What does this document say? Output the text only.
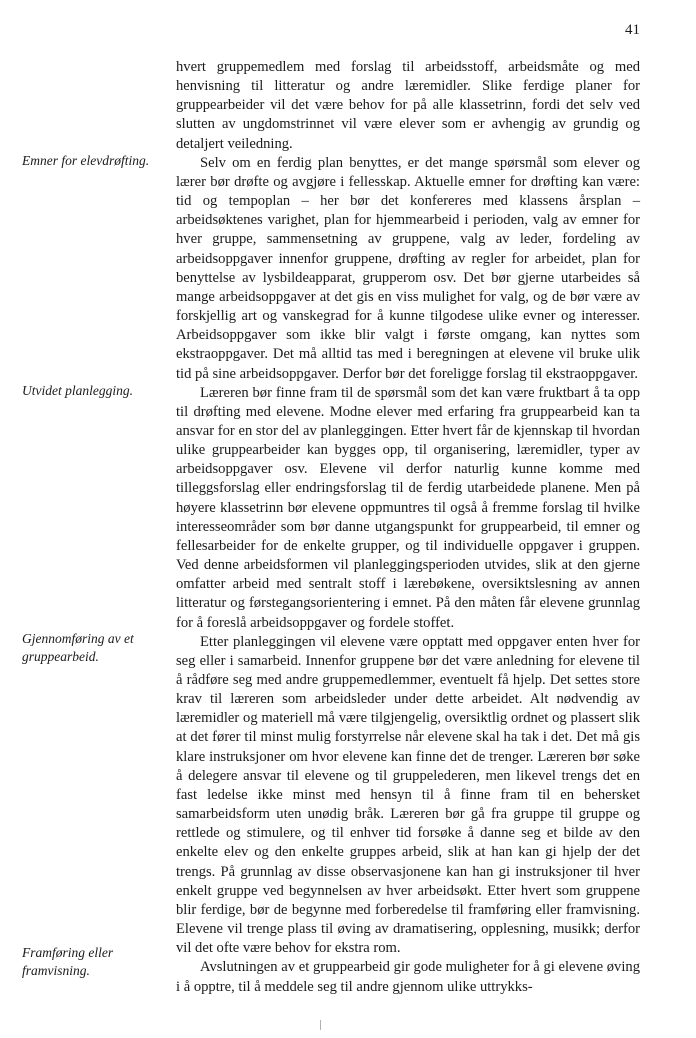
41
Emner for elevdrøfting.
Utvidet planlegging.
Gjennomføring av et gruppearbeid.
Framføring eller framvisning.

hvert gruppemedlem med forslag til arbeidsstoff, arbeidsmåte og med henvisning til litteratur og andre læremidler. Slike ferdige planer for gruppearbeider vil det være behov for på alle klassetrinn, fordi det selv ved slutten av ungdomstrinnet vil være elever som er avhengig av grundig og detaljert veiledning.

Selv om en ferdig plan benyttes, er det mange spørsmål som elever og lærer bør drøfte og avgjøre i fellesskap. Aktuelle emner for drøfting kan være: tid og tempoplan – her bør det konfereres med klassens årsplan – arbeidsøktenes varighet, plan for hjemmearbeid i perioden, valg av emner for hver gruppe, sammensetning av gruppene, valg av leder, fordeling av arbeidsoppgaver innenfor gruppene, drøfting av regler for arbeidet, plan for benyttelse av lysbildeapparat, grupperom osv. Det bør gjerne utarbeides så mange arbeidsoppgaver at det gis en viss mulighet for valg, og de bør være av forskjellig art og vanskegrad for å kunne tilgodese ulike evner og interesser. Arbeidsoppgaver som ikke blir valgt i første omgang, kan nyttes som ekstraoppgaver. Det må alltid tas med i beregningen at elevene vil bruke ulik tid på sine arbeidsoppgaver. Derfor bør det foreligge forslag til ekstraoppgaver.

Læreren bør finne fram til de spørsmål som det kan være fruktbart å ta opp til drøfting med elevene. Modne elever med erfaring fra gruppearbeid kan ta ansvar for en stor del av planleggingen. Etter hvert får de kjennskap til hvordan ulike gruppearbeider kan bygges opp, til organisering, læremidler, typer av arbeidsoppgaver osv. Elevene vil derfor naturlig kunne komme med tilleggsforslag eller endringsforslag til de ferdig utarbeidede planene. Men på høyere klassetrinn bør elevene oppmuntres til også å fremme forslag til hvilke interesseområder som bør danne utgangspunkt for gruppearbeid, til emner og fellesarbeider for de enkelte grupper, og til individuelle oppgaver i gruppen. Ved denne arbeidsformen vil planleggingsperioden utvides, slik at den gjerne omfatter arbeid med sentralt stoff i lærebøkene, oversiktslesning av annen litteratur og førstegangsorientering i emnet. På den måten får elevene grunnlag for å foreslå arbeidsoppgaver og fordele stoffet.

Etter planleggingen vil elevene være opptatt med oppgaver enten hver for seg eller i samarbeid. Innenfor gruppene bør det være anledning for elevene til å rådføre seg med andre gruppemedlemmer, eventuelt få hjelp. Det settes store krav til læreren som arbeidsleder under dette arbeidet. Alt nødvendig av læremidler og materiell må være tilgjengelig, oversiktlig ordnet og plassert slik at det fører til minst mulig forstyrrelse når elevene skal ha tak i det. Det må gis klare instruksjoner om hvor elevene kan finne det de trenger. Læreren bør søke å delegere ansvar til elevene og til gruppelederen, men likevel trengs det en fast ledelse ikke minst med hensyn til å finne fram til en behersket samarbeidsform uten unødig bråk. Læreren bør gå fra gruppe til gruppe og rettlede og stimulere, og til enhver tid forsøke å danne seg et bilde av den enkelte elev og den enkelte gruppes arbeid, slik at han kan gi hjelp der det trengs. På grunnlag av disse observasjonene kan han gi instruksjoner til hver enkelt gruppe ved begynnelsen av hver arbeidsøkt. Etter hvert som gruppene blir ferdige, bør de begynne med forberedelse til framføring eller framvisning. Elevene vil trenge plass til øving av dramatisering, opplesning, musikk; derfor vil det ofte være behov for ekstra rom.

Avslutningen av et gruppearbeid gir gode muligheter for å gi elevene øving i å opptre, til å meddele seg til andre gjennom ulike uttrykks-
